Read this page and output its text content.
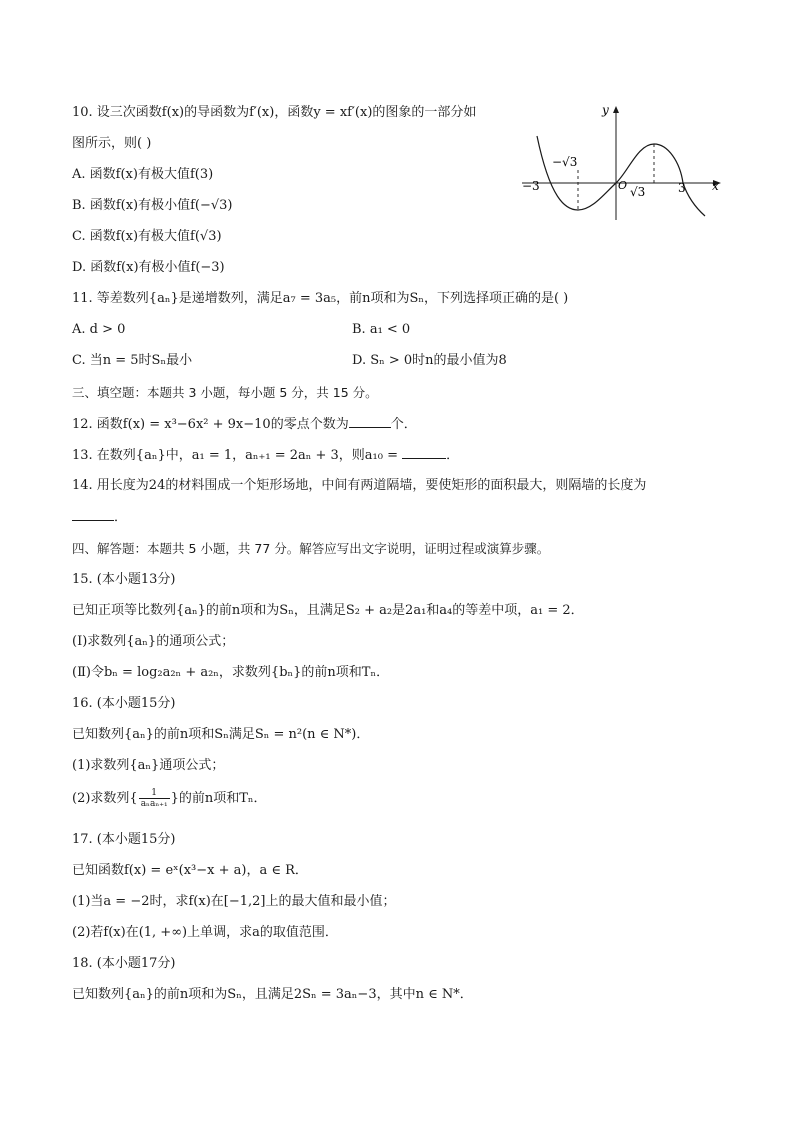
10. 设三次函数f(x)的导函数为f′(x)，函数y = xf′(x)的图象的一部分如
图所示，则( )
A. 函数f(x)有极大值f(3)
B. 函数f(x)有极小值f(−√3)
C. 函数f(x)有极大值f(√3)
D. 函数f(x)有极小值f(−3)
y
x
O
−3	3
−√3
√3
11. 等差数列{aₙ}是递增数列，满足a₇ = 3a₅，前n项和为Sₙ，下列选择项正确的是( )
A. d > 0	B. a₁ < 0
C. 当n = 5时Sₙ最小	D. Sₙ > 0时n的最小值为8
三、填空题：本题共 3 小题，每小题 5 分，共 15 分。
12. 函数f(x) = x³−6x² + 9x−10的零点个数为	个．
13. 在数列{aₙ}中，a₁ = 1，aₙ₊₁ = 2aₙ + 3，则a₁₀ =	．
14. 用长度为24的材料围成一个矩形场地，中间有两道隔墙，要使矩形的面积最大，则隔墙的长度为
．
四、解答题：本题共 5 小题，共 77 分。解答应写出文字说明，证明过程或演算步骤。
15. (本小题13分)
已知正项等比数列{aₙ}的前n项和为Sₙ，且满足S₂ + a₂是2a₁和a₄的等差中项，a₁ = 2．
(Ⅰ)求数列{aₙ}的通项公式；
(Ⅱ)令bₙ = log₂a₂ₙ + a₂ₙ，求数列{bₙ}的前n项和Tₙ．
16. (本小题15分)
已知数列{aₙ}的前n项和Sₙ满足Sₙ = n²(n ∈ N*)．
(1)求数列{aₙ}通项公式；
(2)求数列{ $\frac{1}{\text{aₙaₙ₊₁}}$ }的前n项和Tₙ．
17. (本小题15分)
已知函数f(x) = eˣ(x³−x + a)，a ∈ R．
(1)当a = −2时，求f(x)在[−1,2]上的最大值和最小值；
(2)若f(x)在(1, +∞)上单调，求a的取值范围．
18. (本小题17分)
已知数列{aₙ}的前n项和为Sₙ，且满足2Sₙ = 3aₙ−3，其中n ∈ N*．
